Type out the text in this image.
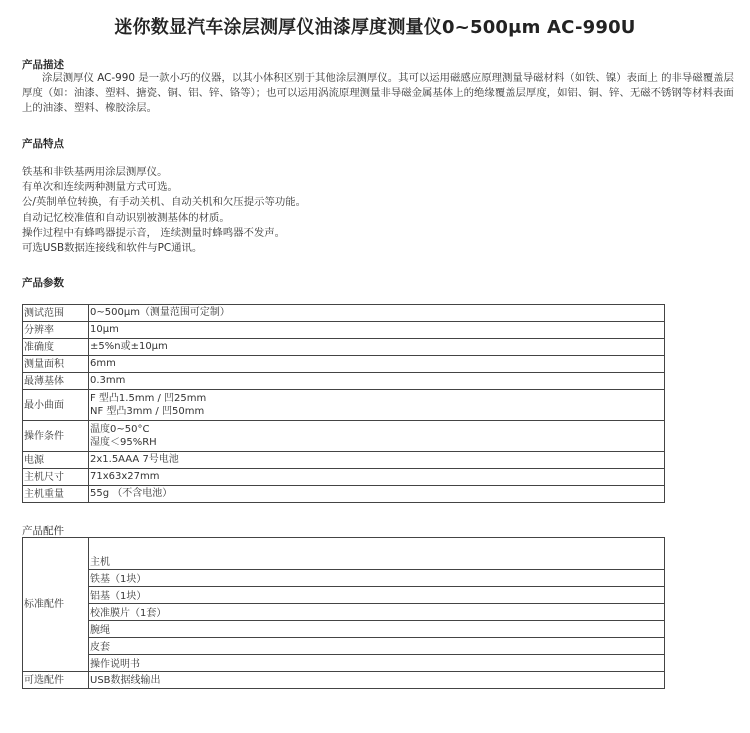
迷你数显汽车涂层测厚仪油漆厚度测量仪0~500μm AC-990U
产品描述
涂层测厚仪 AC-990 是一款小巧的仪器，以其小体积区别于其他涂层测厚仪。其可以运用磁感应原理测量导磁材料（如铁、镍）表面上 的非导磁覆盖层厚度（如：油漆、塑料、搪瓷、铜、铝、锌、铬等）；也可以运用涡流原理测量非导磁金属基体上的绝缘覆盖层厚度，如铝、铜、锌、无磁不锈钢等材料表面上的油漆、塑料、橡胶涂层。
产品特点
铁基和非铁基两用涂层测厚仪。
有单次和连续两种测量方式可选。
公/英制单位转换，有手动关机、自动关机和欠压提示等功能。
自动记忆校准值和自动识别被测基体的材质。
操作过程中有蜂鸣器提示音， 连续测量时蜂鸣器不发声。
可选USB数据连接线和软件与PC通讯。
产品参数
测试范围	0~500μm（测量范围可定制）

分辨率	10μm

准确度	±5%n或±10μm

测量面积	6mm

最薄基体	0.3mm

最小曲面	F 型凸1.5mm / 凹25mm
NF 型凸3mm / 凹50mm

操作条件	温度0~50°C
湿度＜95%RH

电源	2x1.5AAA 7号电池

主机尺寸	71x63x27mm

主机重量	55g （不含电池）
产品配件
标准配件	主机
	铁基（1块）
	铝基（1块）
	校准膜片（1套）
	腕绳
	皮套
	操作说明书
可选配件	USB数据线输出
